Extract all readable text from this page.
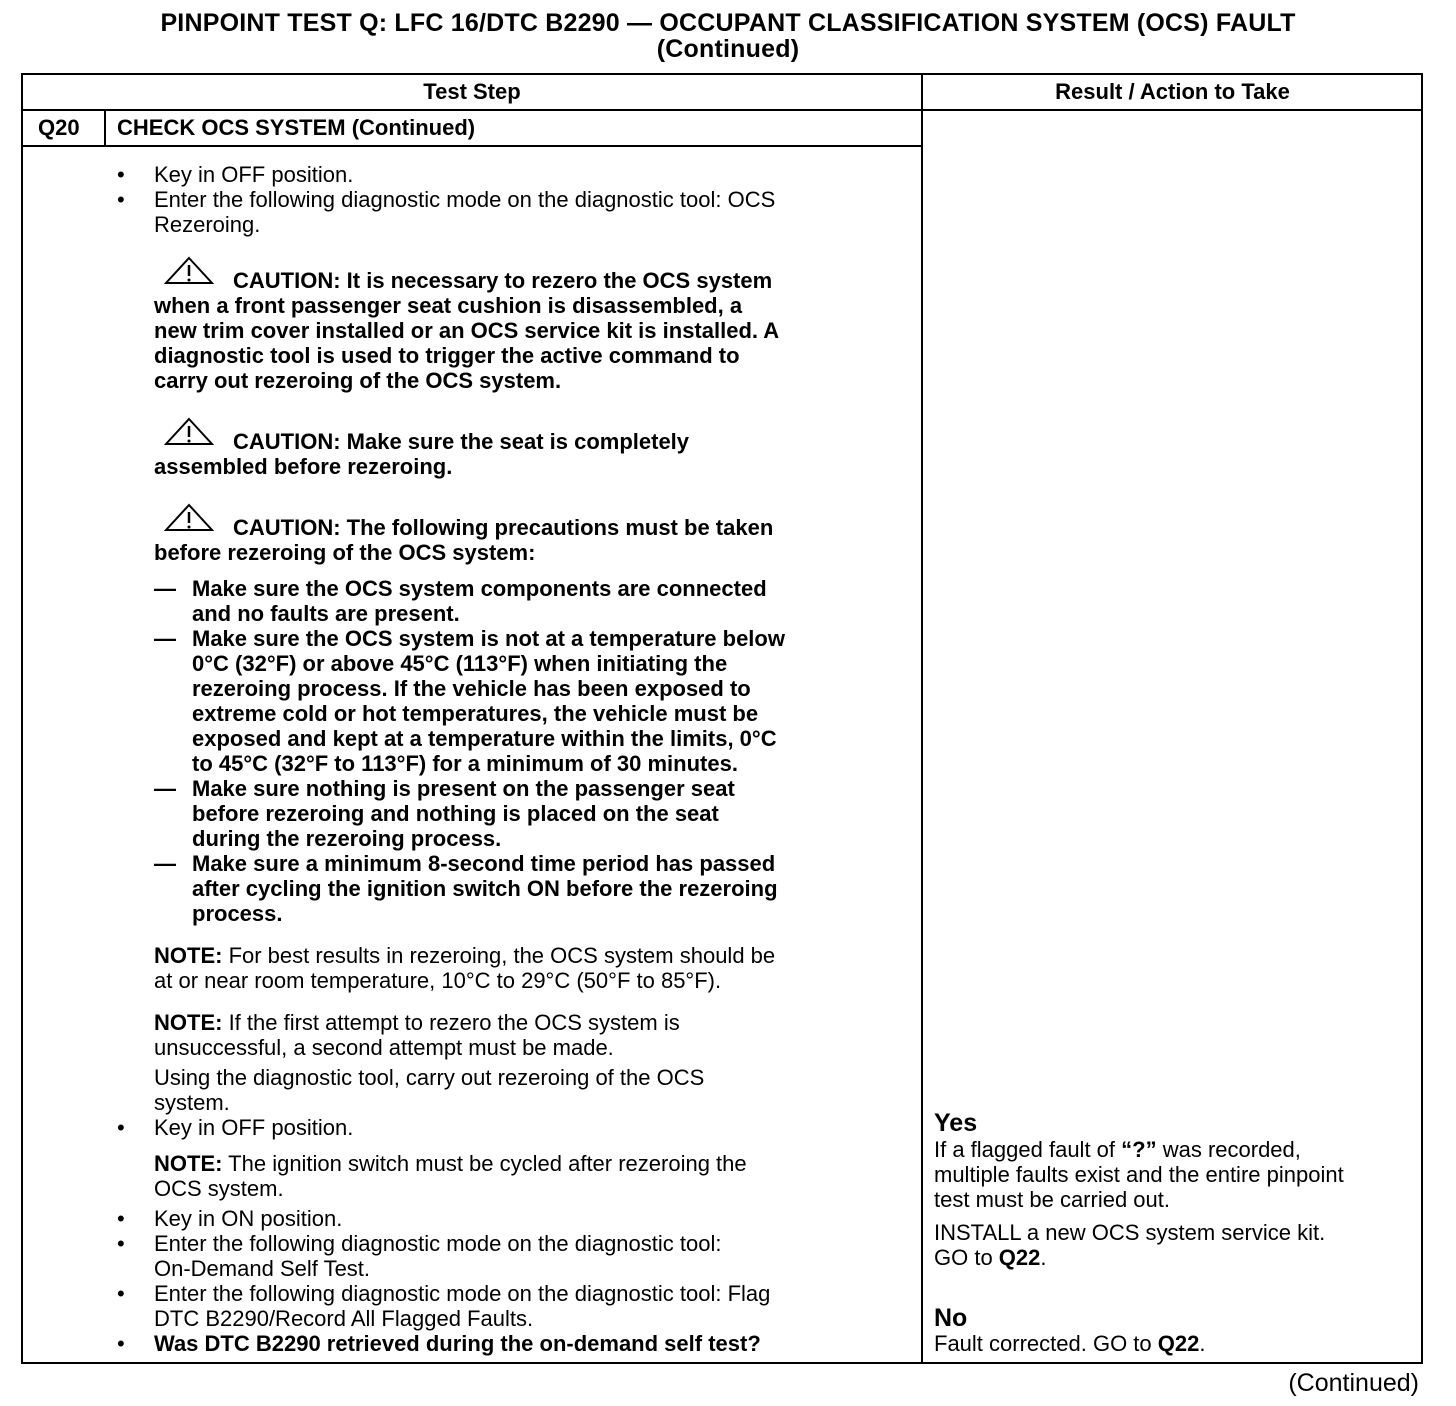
PINPOINT TEST Q: LFC 16/DTC B2290 — OCCUPANT CLASSIFICATION SYSTEM (OCS) FAULT
(Continued)
Test Step	Result / Action to Take
Q20 CHECK OCS SYSTEM (Continued)
• Key in OFF position.
• Enter the following diagnostic mode on the diagnostic tool: OCS
Rezeroing.
CAUTION: It is necessary to rezero the OCS system
when a front passenger seat cushion is disassembled, a
new trim cover installed or an OCS service kit is installed. A
diagnostic tool is used to trigger the active command to
carry out rezeroing of the OCS system.
CAUTION: Make sure the seat is completely
assembled before rezeroing.
CAUTION: The following precautions must be taken
before rezeroing of the OCS system:
— Make sure the OCS system components are connected
and no faults are present.
— Make sure the OCS system is not at a temperature below
0°C (32°F) or above 45°C (113°F) when initiating the
rezeroing process. If the vehicle has been exposed to
extreme cold or hot temperatures, the vehicle must be
exposed and kept at a temperature within the limits, 0°C
to 45°C (32°F to 113°F) for a minimum of 30 minutes.
— Make sure nothing is present on the passenger seat
before rezeroing and nothing is placed on the seat
during the rezeroing process.
— Make sure a minimum 8-second time period has passed
after cycling the ignition switch ON before the rezeroing
process.
NOTE: For best results in rezeroing, the OCS system should be
at or near room temperature, 10°C to 29°C (50°F to 85°F).
NOTE: If the first attempt to rezero the OCS system is
unsuccessful, a second attempt must be made.
Using the diagnostic tool, carry out rezeroing of the OCS
system.
• Key in OFF position.
NOTE: The ignition switch must be cycled after rezeroing the
OCS system.
• Key in ON position.
• Enter the following diagnostic mode on the diagnostic tool:
On-Demand Self Test.
• Enter the following diagnostic mode on the diagnostic tool: Flag
DTC B2290/Record All Flagged Faults.
• Was DTC B2290 retrieved during the on-demand self test?
Yes
If a flagged fault of “?” was recorded,
multiple faults exist and the entire pinpoint
test must be carried out.
INSTALL a new OCS system service kit.
GO to Q22.
No
Fault corrected. GO to Q22.
(Continued)
